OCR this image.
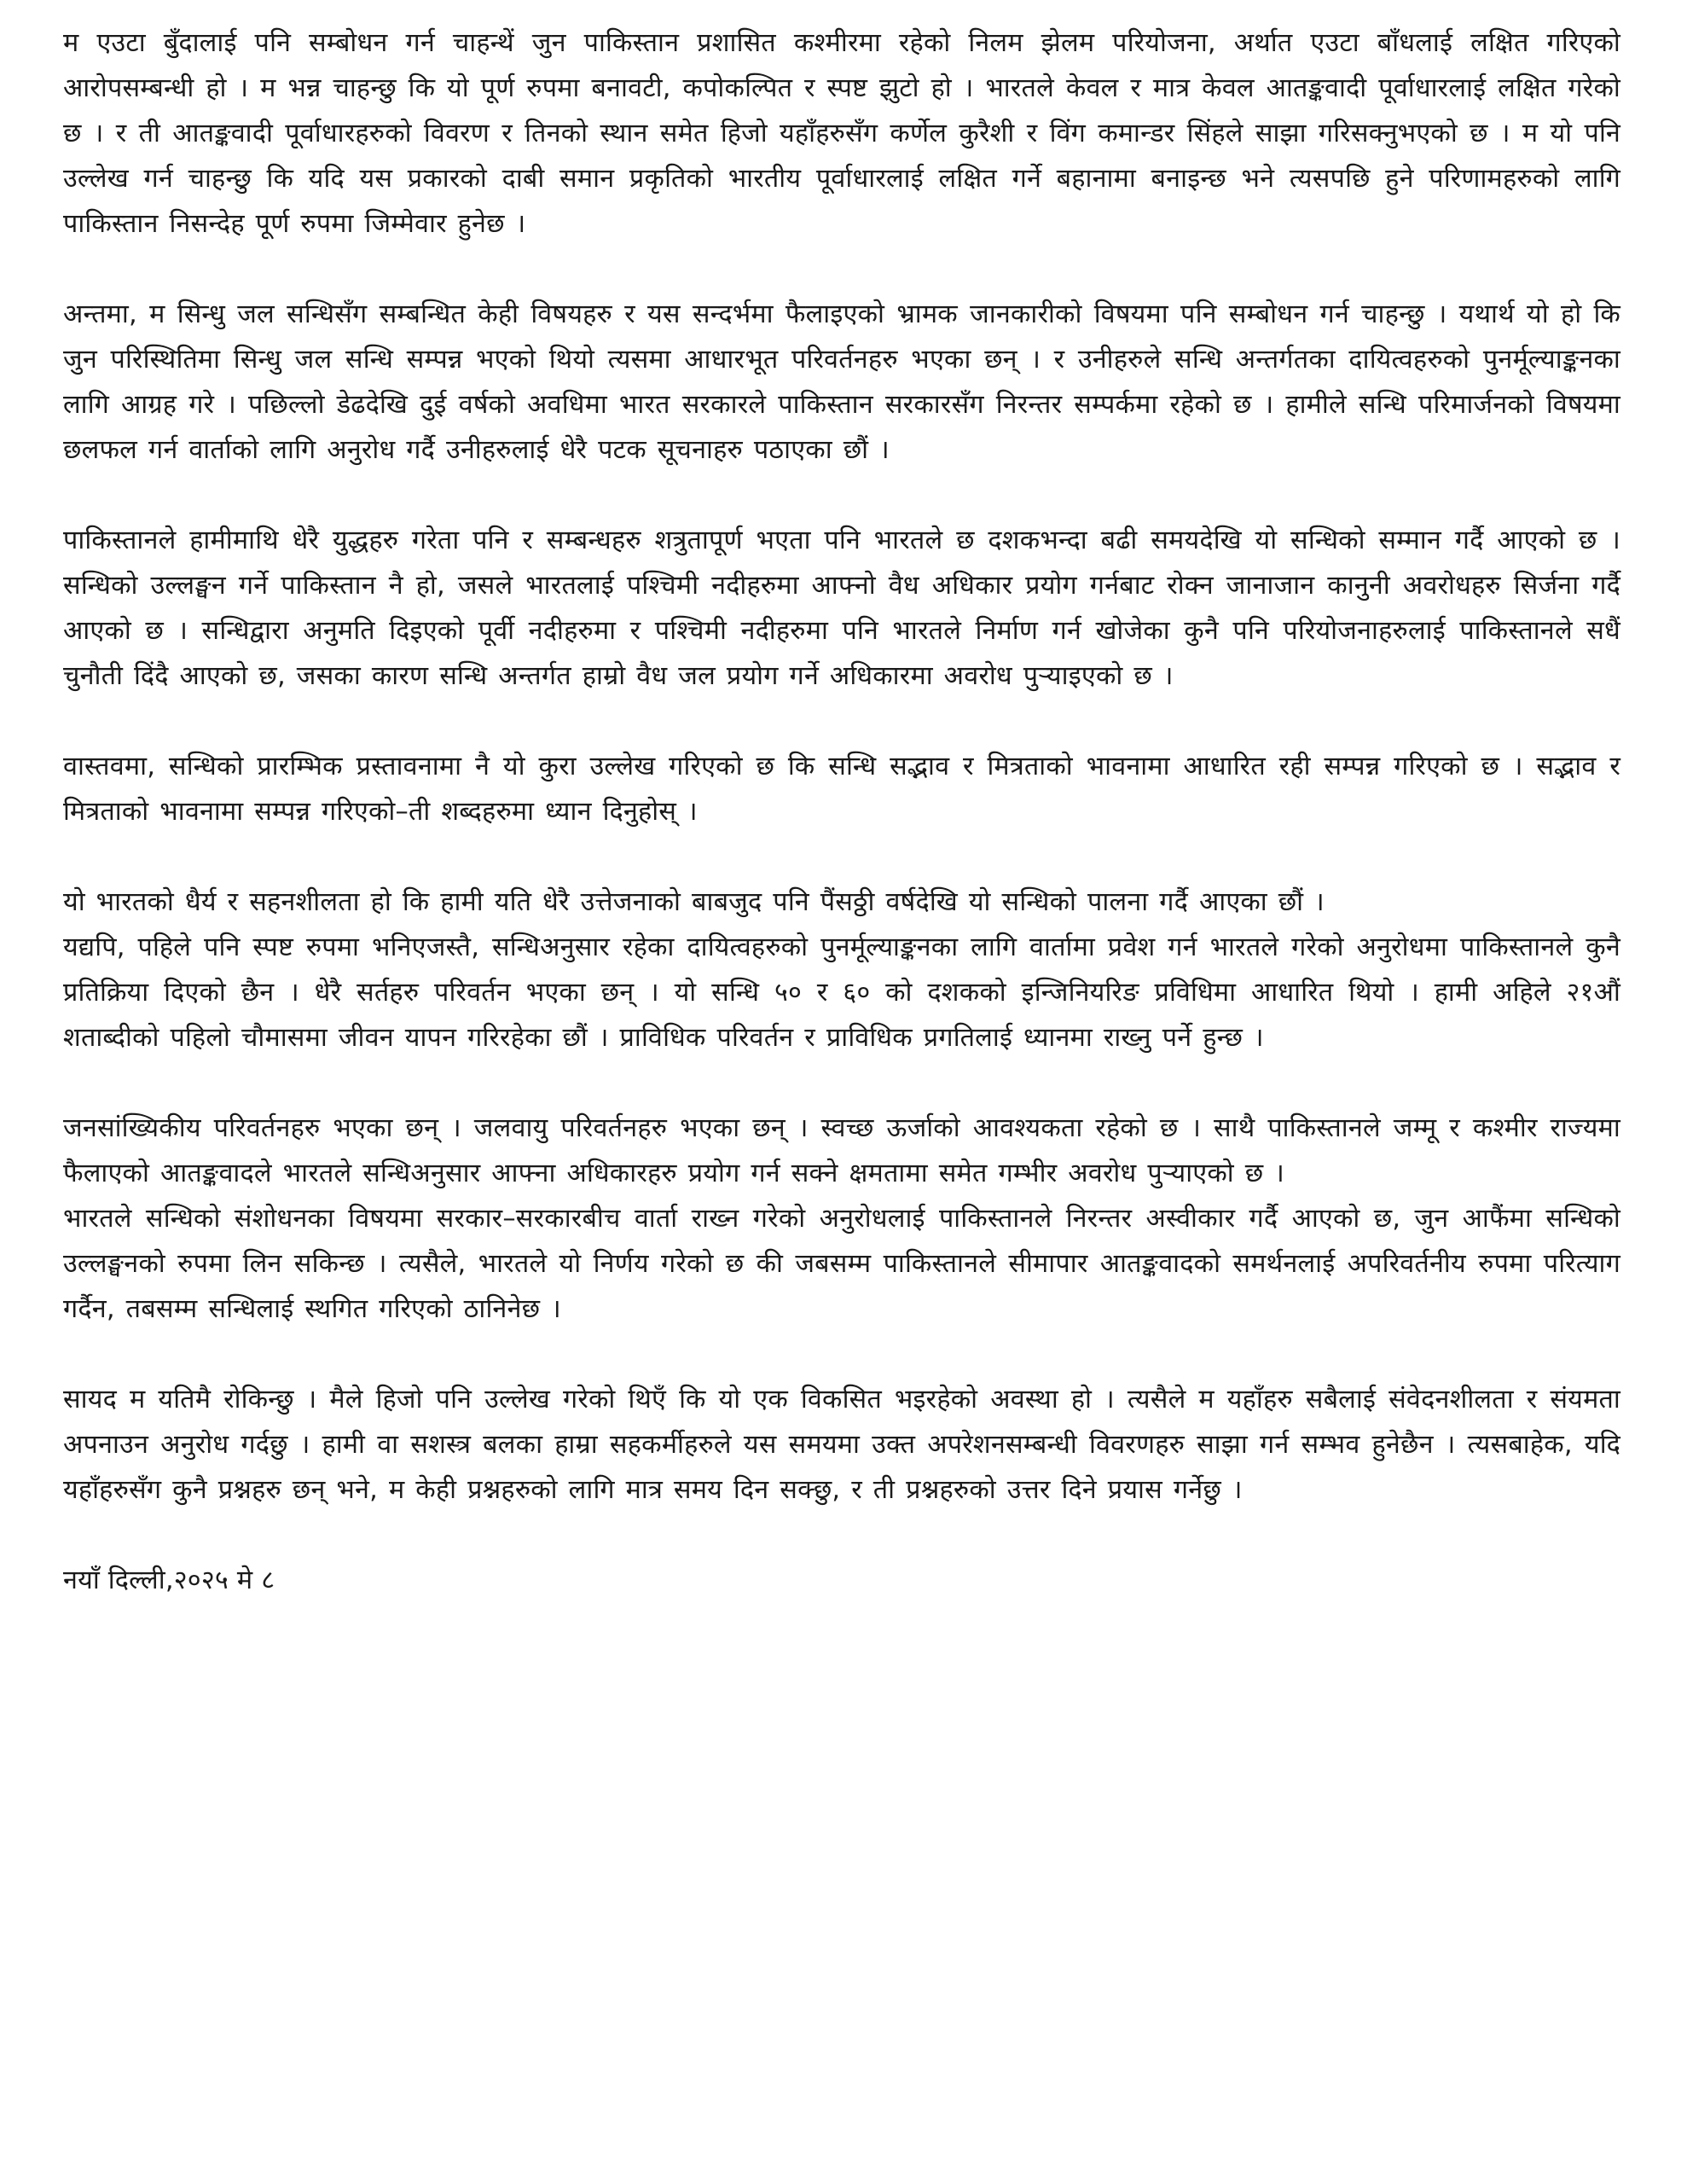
म एउटा बुँदालाई पनि सम्बोधन गर्न चाहन्थें जुन पाकिस्तान प्रशासित कश्मीरमा रहेको निलम झेलम परियोजना, अर्थात एउटा बाँधलाई लक्षित गरिएको आरोपसम्बन्धी हो । म भन्न चाहन्छु कि यो पूर्ण रुपमा बनावटी, कपोकल्पित र स्पष्ट झुटो हो । भारतले केवल र मात्र केवल आतङ्कवादी पूर्वाधारलाई लक्षित गरेको छ । र ती आतङ्कवादी पूर्वाधारहरुको विवरण र तिनको स्थान समेत हिजो यहाँहरुसँग कर्णेल कुरैशी र विंग कमान्डर सिंहले साझा गरिसक्नुभएको छ । म यो पनि उल्लेख गर्न चाहन्छु कि यदि यस प्रकारको दाबी समान प्रकृतिको भारतीय पूर्वाधारलाई लक्षित गर्ने बहानामा बनाइन्छ भने त्यसपछि हुने परिणामहरुको लागि पाकिस्तान निसन्देह पूर्ण रुपमा जिम्मेवार हुनेछ ।

अन्तमा, म सिन्धु जल सन्धिसँग सम्बन्धित केही विषयहरु र यस सन्दर्भमा फैलाइएको भ्रामक जानकारीको विषयमा पनि सम्बोधन गर्न चाहन्छु । यथार्थ यो हो कि जुन परिस्थितिमा सिन्धु जल सन्धि सम्पन्न भएको थियो त्यसमा आधारभूत परिवर्तनहरु भएका छन् । र उनीहरुले सन्धि अन्तर्गतका दायित्वहरुको पुनर्मूल्याङ्कनका लागि आग्रह गरे । पछिल्लो डेढदेखि दुई वर्षको अवधिमा भारत सरकारले पाकिस्तान सरकारसँग निरन्तर सम्पर्कमा रहेको छ । हामीले सन्धि परिमार्जनको विषयमा छलफल गर्न वार्ताको लागि अनुरोध गर्दै उनीहरुलाई धेरै पटक सूचनाहरु पठाएका छौं ।

पाकिस्तानले हामीमाथि धेरै युद्धहरु गरेता पनि र सम्बन्धहरु शत्रुतापूर्ण भएता पनि भारतले छ दशकभन्दा बढी समयदेखि यो सन्धिको सम्मान गर्दै आएको छ । सन्धिको उल्लङ्घन गर्ने पाकिस्तान नै हो, जसले भारतलाई पश्चिमी नदीहरुमा आफ्नो वैध अधिकार प्रयोग गर्नबाट रोक्न जानाजान कानुनी अवरोधहरु सिर्जना गर्दै आएको छ । सन्धिद्वारा अनुमति दिइएको पूर्वी नदीहरुमा र पश्चिमी नदीहरुमा पनि भारतले निर्माण गर्न खोजेका कुनै पनि परियोजनाहरुलाई पाकिस्तानले सधैं चुनौती दिंदै आएको छ, जसका कारण सन्धि अन्तर्गत हाम्रो वैध जल प्रयोग गर्ने अधिकारमा अवरोध पुऱ्याइएको छ ।

वास्तवमा, सन्धिको प्रारम्भिक प्रस्तावनामा नै यो कुरा उल्लेख गरिएको छ कि सन्धि सद्भाव र मित्रताको भावनामा आधारित रही सम्पन्न गरिएको छ । सद्भाव र मित्रताको भावनामा सम्पन्न गरिएको–ती शब्दहरुमा ध्यान दिनुहोस् ।

यो भारतको धैर्य र सहनशीलता हो कि हामी यति धेरै उत्तेजनाको बाबजुद पनि पैंसठ्ठी वर्षदेखि यो सन्धिको पालना गर्दै आएका छौं ।

यद्यपि, पहिले पनि स्पष्ट रुपमा भनिएजस्तै, सन्धिअनुसार रहेका दायित्वहरुको पुनर्मूल्याङ्कनका लागि वार्तामा प्रवेश गर्न भारतले गरेको अनुरोधमा पाकिस्तानले कुनै प्रतिक्रिया दिएको छैन । धेरै सर्तहरु परिवर्तन भएका छन् । यो सन्धि ५० र ६० को दशकको इन्जिनियरिङ प्रविधिमा आधारित थियो । हामी अहिले २१औं शताब्दीको पहिलो चौमासमा जीवन यापन गरिरहेका छौं । प्राविधिक परिवर्तन र प्राविधिक प्रगतिलाई ध्यानमा राख्नु पर्ने हुन्छ ।

जनसांख्यिकीय परिवर्तनहरु भएका छन् । जलवायु परिवर्तनहरु भएका छन् । स्वच्छ ऊर्जाको आवश्यकता रहेको छ । साथै पाकिस्तानले जम्मू र कश्मीर राज्यमा फैलाएको आतङ्कवादले भारतले सन्धिअनुसार आफ्ना अधिकारहरु प्रयोग गर्न सक्ने क्षमतामा समेत गम्भीर अवरोध पुऱ्याएको छ ।

भारतले सन्धिको संशोधनका विषयमा सरकार–सरकारबीच वार्ता राख्न गरेको अनुरोधलाई पाकिस्तानले निरन्तर अस्वीकार गर्दै आएको छ, जुन आफैंमा सन्धिको उल्लङ्घनको रुपमा लिन सकिन्छ । त्यसैले, भारतले यो निर्णय गरेको छ की जबसम्म पाकिस्तानले सीमापार आतङ्कवादको समर्थनलाई अपरिवर्तनीय रुपमा परित्याग गर्दैन, तबसम्म सन्धिलाई स्थगित गरिएको ठानिनेछ ।

सायद म यतिमै रोकिन्छु । मैले हिजो पनि उल्लेख गरेको थिएँ कि यो एक विकसित भइरहेको अवस्था हो । त्यसैले म यहाँहरु सबैलाई संवेदनशीलता र संयमता अपनाउन अनुरोध गर्दछु । हामी वा सशस्त्र बलका हाम्रा सहकर्मीहरुले यस समयमा उक्त अपरेशनसम्बन्धी विवरणहरु साझा गर्न सम्भव हुनेछैन । त्यसबाहेक, यदि यहाँहरुसँग कुनै प्रश्नहरु छन् भने, म केही प्रश्नहरुको लागि मात्र समय दिन सक्छु, र ती प्रश्नहरुको उत्तर दिने प्रयास गर्नेछु ।

नयाँ दिल्ली,२०२५ मे ८
